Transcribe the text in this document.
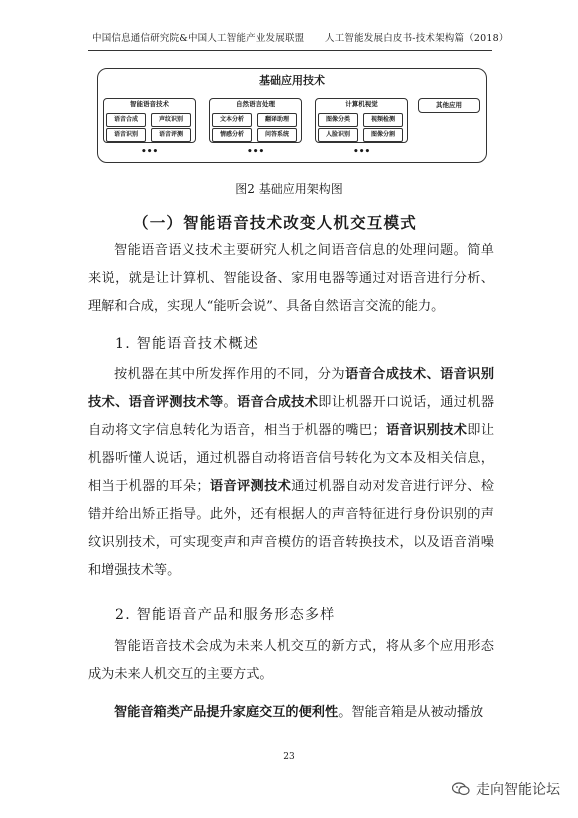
中国信息通信研究院&中国人工智能产业发展联盟 人工智能发展白皮书-技术架构篇（2018）
基础应用技术
智能语音技术
语音合成	声纹识别
语音识别	语音评测
•••
自然语言处理
文本分析	翻译助理
情感分析	问答系统
•••
计算机视觉
图像分类	视频检测
人脸识别	图像分割
•••
其他应用
图2 基础应用架构图
（一）智能语音技术改变人机交互模式

智能语音语义技术主要研究人机之间语音信息的处理问题。简单来说，就是让计算机、智能设备、家用电器等通过对语音进行分析、理解和合成，实现人“能听会说”、具备自然语言交流的能力。

1. 智能语音技术概述

按机器在其中所发挥作用的不同，分为语音合成技术、语音识别技术、语音评测技术等。语音合成技术即让机器开口说话，通过机器自动将文字信息转化为语音，相当于机器的嘴巴；语音识别技术即让机器听懂人说话，通过机器自动将语音信号转化为文本及相关信息，相当于机器的耳朵；语音评测技术通过机器自动对发音进行评分、检错并给出矫正指导。此外，还有根据人的声音特征进行身份识别的声纹识别技术，可实现变声和声音模仿的语音转换技术，以及语音消噪和增强技术等。

2. 智能语音产品和服务形态多样

智能语音技术会成为未来人机交互的新方式，将从多个应用形态成为未来人机交互的主要方式。

智能音箱类产品提升家庭交互的便利性。智能音箱是从被动播放

23
走向智能论坛
